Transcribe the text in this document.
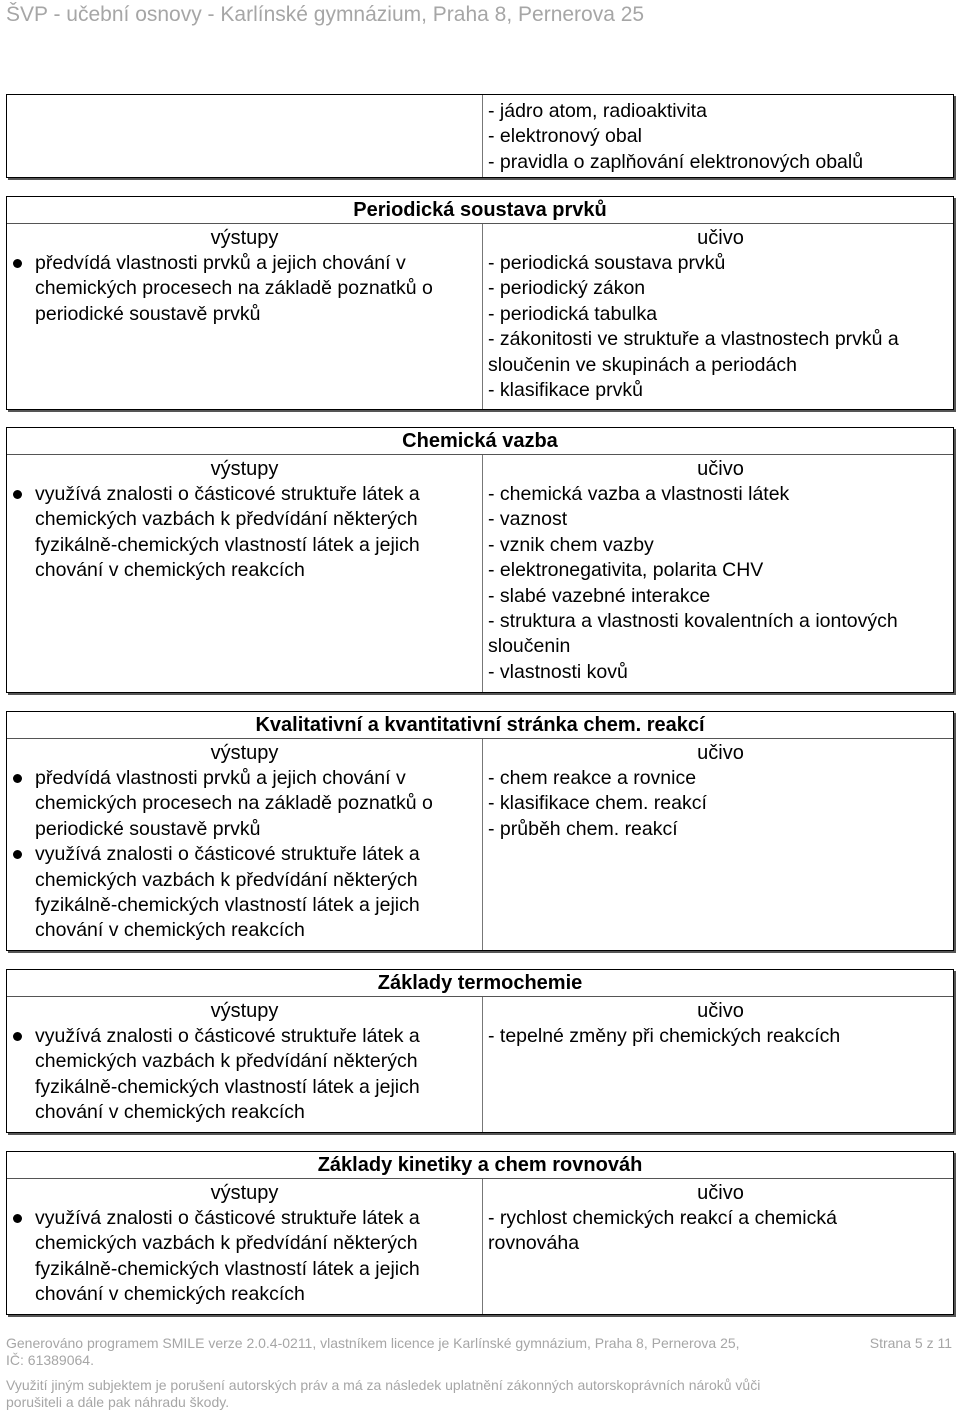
ŠVP - učební osnovy - Karlínské gymnázium, Praha 8, Pernerova 25
- jádro atom, radioaktivita
- elektronový obal
- pravidla o zaplňování elektronových obalů
Periodická soustava prvků
výstupy
předvídá vlastnosti prvků a jejich chování v
chemických procesech na základě poznatků o
periodické soustavě prvků
učivo
- periodická soustava prvků
- periodický zákon
- periodická tabulka
- zákonitosti ve struktuře a vlastnostech prvků a
sloučenin ve skupinách a periodách
- klasifikace prvků
Chemická vazba
výstupy
využívá znalosti o částicové struktuře látek a
chemických vazbách k předvídání některých
fyzikálně-chemických vlastností látek a jejich
chování v chemických reakcích
učivo
- chemická vazba a vlastnosti látek
- vaznost
- vznik chem vazby
- elektronegativita, polarita CHV
- slabé vazebné interakce
- struktura a vlastnosti kovalentních a iontových
sloučenin
- vlastnosti kovů
Kvalitativní a kvantitativní stránka chem. reakcí
výstupy
předvídá vlastnosti prvků a jejich chování v
chemických procesech na základě poznatků o
periodické soustavě prvků
využívá znalosti o částicové struktuře látek a
chemických vazbách k předvídání některých
fyzikálně-chemických vlastností látek a jejich
chování v chemických reakcích
učivo
- chem reakce a rovnice
- klasifikace chem. reakcí
- průběh chem. reakcí
Základy termochemie
výstupy
využívá znalosti o částicové struktuře látek a
chemických vazbách k předvídání některých
fyzikálně-chemických vlastností látek a jejich
chování v chemických reakcích
učivo
- tepelné změny při chemických reakcích
Základy kinetiky a chem rovnováh
výstupy
využívá znalosti o částicové struktuře látek a
chemických vazbách k předvídání některých
fyzikálně-chemických vlastností látek a jejich
chování v chemických reakcích
učivo
- rychlost chemických reakcí a chemická
rovnováha
Generováno programem SMILE verze 2.0.4-0211, vlastníkem licence je Karlínské gymnázium, Praha 8, Pernerova 25,	Strana 5 z 11
IČ: 61389064.
Využití jiným subjektem je porušení autorských práv a má za následek uplatnění zákonných autorskoprávních nároků vůči
porušiteli a dále pak náhradu škody.
